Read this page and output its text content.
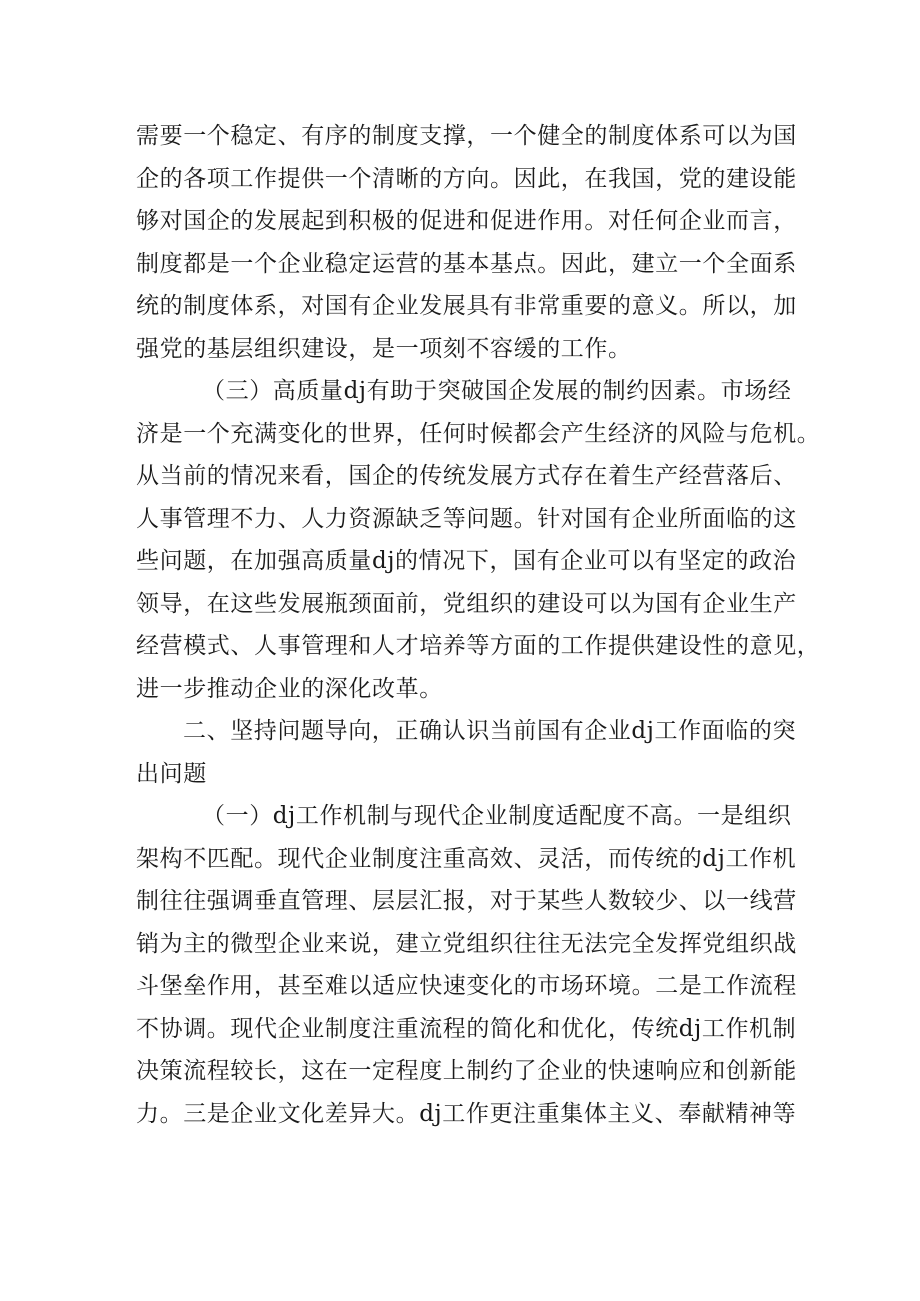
需要一个稳定、有序的制度支撑，一个健全的制度体系可以为国
企的各项工作提供一个清晰的方向。因此，在我国，党的建设能
够对国企的发展起到积极的促进和促进作用。对任何企业而言，
制度都是一个企业稳定运营的基本基点。因此，建立一个全面系
统的制度体系，对国有企业发展具有非常重要的意义。所以，加
强党的基层组织建设，是一项刻不容缓的工作。
（三）高质量dj有助于突破国企发展的制约因素。市场经
济是一个充满变化的世界，任何时候都会产生经济的风险与危机。
从当前的情况来看，国企的传统发展方式存在着生产经营落后、
人事管理不力、人力资源缺乏等问题。针对国有企业所面临的这
些问题，在加强高质量dj的情况下，国有企业可以有坚定的政治
领导，在这些发展瓶颈面前，党组织的建设可以为国有企业生产
经营模式、人事管理和人才培养等方面的工作提供建设性的意见，
进一步推动企业的深化改革。
二、坚持问题导向，正确认识当前国有企业dj工作面临的突
出问题
（一）dj工作机制与现代企业制度适配度不高。一是组织
架构不匹配。现代企业制度注重高效、灵活，而传统的dj工作机
制往往强调垂直管理、层层汇报，对于某些人数较少、以一线营
销为主的微型企业来说，建立党组织往往无法完全发挥党组织战
斗堡垒作用，甚至难以适应快速变化的市场环境。二是工作流程
不协调。现代企业制度注重流程的简化和优化，传统dj工作机制
决策流程较长，这在一定程度上制约了企业的快速响应和创新能
力。三是企业文化差异大。dj工作更注重集体主义、奉献精神等
